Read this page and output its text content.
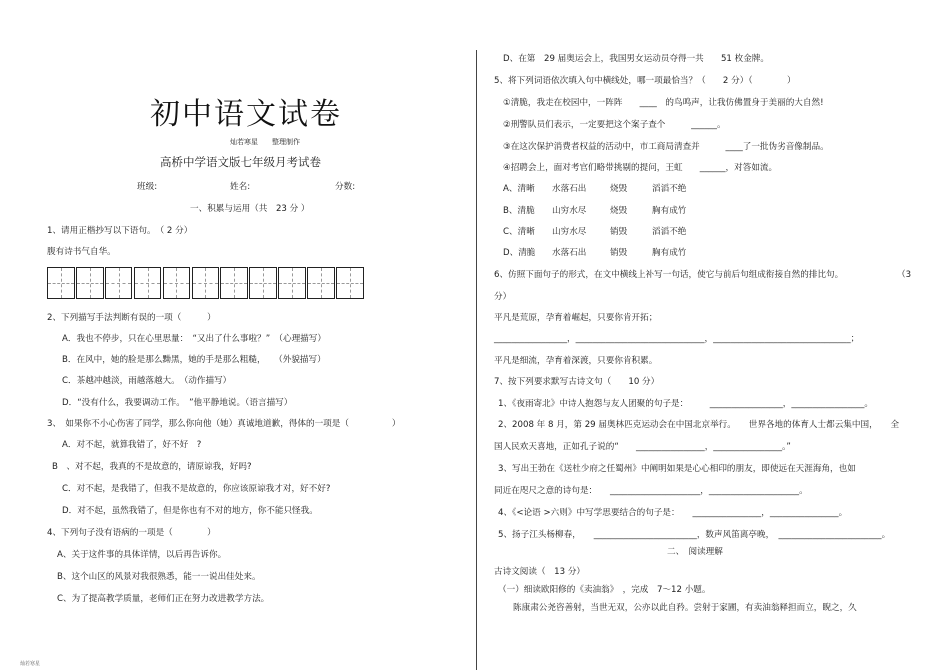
初中语文试卷
灿若寒星　　整理制作
高桥中学语文版七年级月考试卷
班级:	姓名:	分数:
一、积累与运用（共　23 分 ）
1、请用正楷抄写以下语句。　（ 2 分）
腹有诗书气自华。
2、下列描写手法判断有误的一项（　　　）
A．我也不停步，只在心里思量：　“又出了什么事啦？”　（心理描写）
B．在风中，她的脸是那么黝黑，她的手是那么粗糙，　　（外貌描写）
C．茶越冲越淡，雨越落越大。　（动作描写）
D．“没有什么，我要调动工作。　”他平静地说。（语言描写）
3、　如果你不小心伤害了同学，那么你向他（她）真诚地道歉，得体的一项是（　　　　　）
A．对不起，就算我错了，好不好　?
B　、对不起，我真的不是故意的，请原谅我，好吗?
C．对不起，是我错了，但我不是故意的，你应该原谅我才对，好不好?
D．对不起，虽然我错了，但是你也有不对的地方，你不能只怪我。
4、下列句子没有语病的一项是（　　　　）
A、关于这件事的具体详情，以后再告诉你。
B、这个山区的风景对我很熟悉，能一一说出佳处来。
C、为了提高教学质量，老师们正在努力改进教学方法。
D、在第　29 届奥运会上，我国男女运动员夺得一共　　51 枚金牌。
5、将下列词语依次填入句中横线处，哪一项最恰当？（　　2 分）（　　　　）
①清脆，我走在校园中，一阵阵　　____　的鸟鸣声，让我仿佛置身于美丽的大自然!
②刑警队员们表示，一定要把这个案子查个　　　______。
③在这次保护消费者权益的活动中，市工商局清查并　　　____了一批伪劣音像制品。
④招聘会上，面对考官们略带挑剔的提问，王虹　　______，对答如流。
A、清晰 水落石出	烧毁	滔滔不绝
B、清脆 山穷水尽	烧毁	胸有成竹
C、清晰 山穷水尽	销毁	滔滔不绝
D、清脆 水落石出	销毁	胸有成竹
6、仿照下面句子的形式，在文中横线上补写一句话，使它与前后句组成衔接自然的排比句。	（3
分）
平凡是荒原，孕育着崛起，只要你肯开拓；
_________________，______________________________，________________________________；
平凡是细流，孕育着深渡，只要你肯积累。
7、按下列要求默写古诗文句（　　10 分）
1、《夜雨寄北》中诗人抱怨与友人团聚的句子是：　　　_________________，_________________。
2、2008 年 8 月，第 29 届奥林匹克运动会在中国北京举行。　　世界各地的体育人士都云集中国，　　全
国人民欢天喜地，正如孔子说的“　　________________，________________。”
3、写出王勃在《送杜少府之任蜀州》中阐明如果是心心相印的朋友，即使远在天涯海角，也如
同近在咫尺之意的诗句是：　　_____________________，_____________________。
4、《<论语 >六则》中写学思要结合的句子是：　　________________，________________。
5、扬子江头杨柳春，　　________________________，数声风笛离亭晚，　________________________。
二、　阅读理解
古诗文阅读（　13 分）
（一）细读欧阳修的《卖油翁》　，完成　7～12 小题。
陈康肃公尧咨善射，当世无双，公亦以此自矜。尝射于家圃，有卖油翁释担而立，睨之，久
灿若寒星
